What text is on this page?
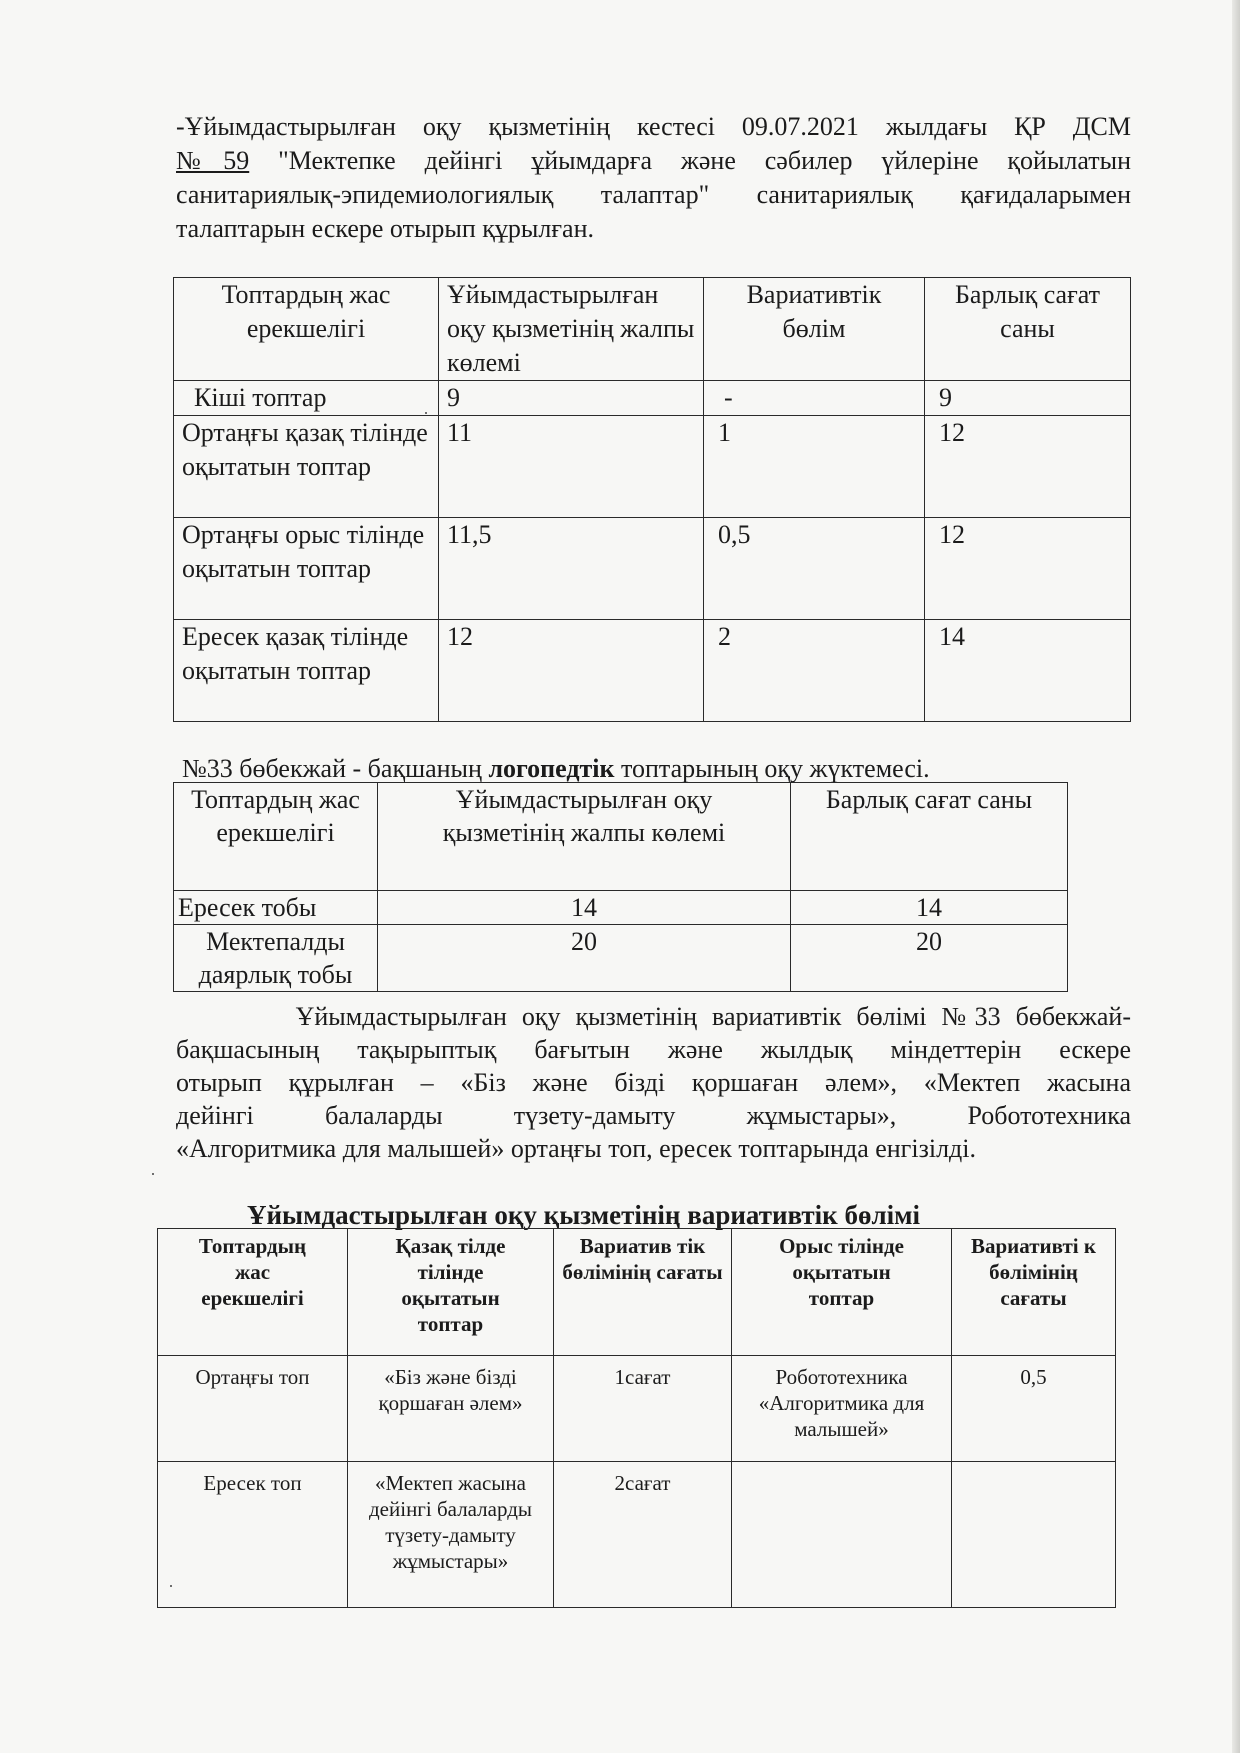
-Ұйымдастырылған оқу қызметінің кестесі 09.07.2021 жылдағы ҚР ДСМ
№59 "Мектепке дейінгі ұйымдарға және сәбилер үйлеріне қойылатын
санитариялық-эпидемиологиялық талаптар" санитариялық қағидаларымен
талаптарын ескере отырып құрылған.
Топтардың жас ерекшелігі	Ұйымдастырылған оқу қызметінің жалпы көлемі	Вариативтік бөлім	Барлық сағат саны
Кіші топтар	9	-	9
Ортаңғы қазақ тілінде оқытатын топтар	11	1	12
Ортаңғы орыс тілінде оқытатын топтар	11,5	0,5	12
Ересек қазақ тілінде оқытатын топтар	12	2	14
№33 бөбекжай - бақшаның логопедтік топтарының оқу жүктемесі.
Топтардың жас ерекшелігі	Ұйымдастырылған оқу қызметінің жалпы көлемі	Барлық сағат саны
Ересек тобы	14	14
Мектепалды даярлық тобы	20	20
Ұйымдастырылған оқу қызметінің вариативтік бөлімі №33 бөбекжай-
бақшасының тақырыптық бағытын және жылдық міндеттерін ескере
отырып құрылған – «Біз және бізді қоршаған әлем», «Мектеп жасына
дейінгі балаларды түзету-дамыту жұмыстары», Робототехника
«Алгоритмика для малышей» ортаңғы топ, ересек топтарында енгізілді.
Ұйымдастырылған оқу қызметінің вариативтік бөлімі
Топтардың жас ерекшелігі	Қазақ тілде тілінде оқытатын топтар	Вариатив тік бөлімінің сағаты	Орыс тілінде оқытатын топтар	Вариативті к бөлімінің сағаты
Ортаңғы топ	«Біз және бізді қоршаған әлем»	1сағат	Робототехника «Алгоритмика для малышей»	0,5
Ересек топ	«Мектеп жасына дейінгі балаларды түзету-дамыту жұмыстары»	2сағат		
